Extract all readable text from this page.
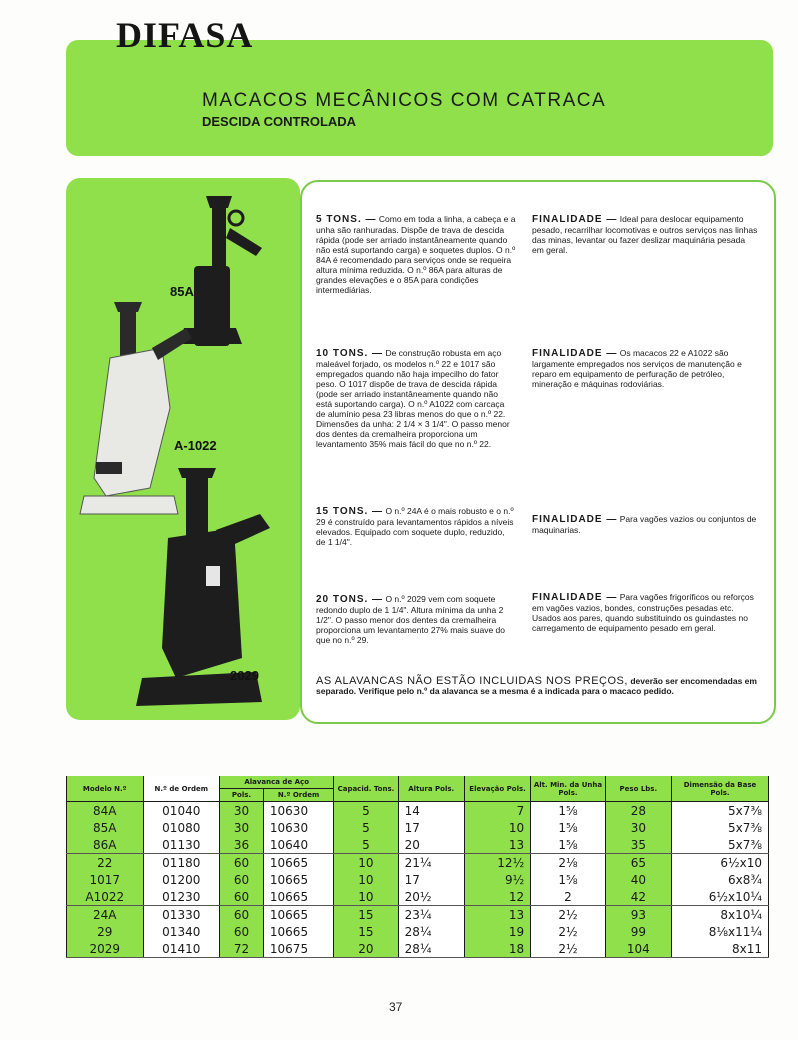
DIFASA
MACACOS MECÂNICOS COM CATRACA
DESCIDA CONTROLADA
85A
A-1022
2029
5 TONS. — Como em toda a linha, a cabeça e a unha são ranhuradas. Dispõe de trava de descida rápida (pode ser arriado instantâneamente quando não está suportando carga) e soquetes duplos. O n.º 84A é recomendado para serviços onde se requeira altura mínima reduzida. O n.º 86A para alturas de grandes elevações e o 85A para condições intermediárias.
FINALIDADE — Ideal para deslocar equipamento pesado, recarrilhar locomotivas e outros serviços nas linhas das minas, levantar ou fazer deslizar maquinária pesada em geral.
10 TONS. — De construção robusta em aço maleável forjado, os modelos n.º 22 e 1017 são empregados quando não haja impecilho do fator peso. O 1017 dispõe de trava de descida rápida (pode ser arriado instantâneamente quando não está suportando carga). O n.º A1022 com carcaça de alumínio pesa 23 libras menos do que o n.º 22. Dimensões da unha: 2 1/4 × 3 1/4". O passo menor dos dentes da cremalheira proporciona um levantamento 35% mais fácil do que no n.º 22.
FINALIDADE — Os macacos 22 e A1022 são largamente empregados nos serviços de manutenção e reparo em equipamento de perfuração de petróleo, mineração e máquinas rodoviárias.
15 TONS. — O n.º 24A é o mais robusto e o n.º 29 é construído para levantamentos rápidos a níveis elevados. Equipado com soquete duplo, reduzido, de 1 1/4".
FINALIDADE — Para vagões vazios ou conjuntos de maquinarias.
20 TONS. — O n.º 2029 vem com soquete redondo duplo de 1 1/4". Altura mínima da unha 2 1/2". O passo menor dos dentes da cremalheira proporciona um levantamento 27% mais suave do que no n.º 29.
FINALIDADE — Para vagões frigoríficos ou reforços em vagões vazios, bondes, construções pesadas etc. Usados aos pares, quando substituindo os guindastes no carregamento de equipamento pesado em geral.
AS ALAVANCAS NÃO ESTÃO INCLUIDAS NOS PREÇOS, deverão ser encomendadas em separado. Verifique pelo n.º da alavanca se a mesma é a indicada para o macaco pedido.
Modelo N.º	N.º de Ordem	Alavanca de Aço		Capacid. Tons.	Altura Pols.	Elevação Pols.	Alt. Min. da Unha Pols.	Peso Lbs.	Dimensão da Base Pols.
		Pols.	N.º Ordem						
84A	01040	30	10630	5	14	7	1⅝	28	5x7⅜
85A	01080	30	10630	5	17	10	1⅝	30	5x7⅜
86A	01130	36	10640	5	20	13	1⅝	35	5x7⅜
22	01180	60	10665	10	21¼	12½	2⅛	65	6½x10
1017	01200	60	10665	10	17	9½	1⅝	40	6x8¾
A1022	01230	60	10665	10	20½	12	2	42	6½x10¼
24A	01330	60	10665	15	23¼	13	2½	93	8x10¼
29	01340	60	10665	15	28¼	19	2½	99	8⅛x11¼
2029	01410	72	10675	20	28¼	18	2½	104	8x11
37
